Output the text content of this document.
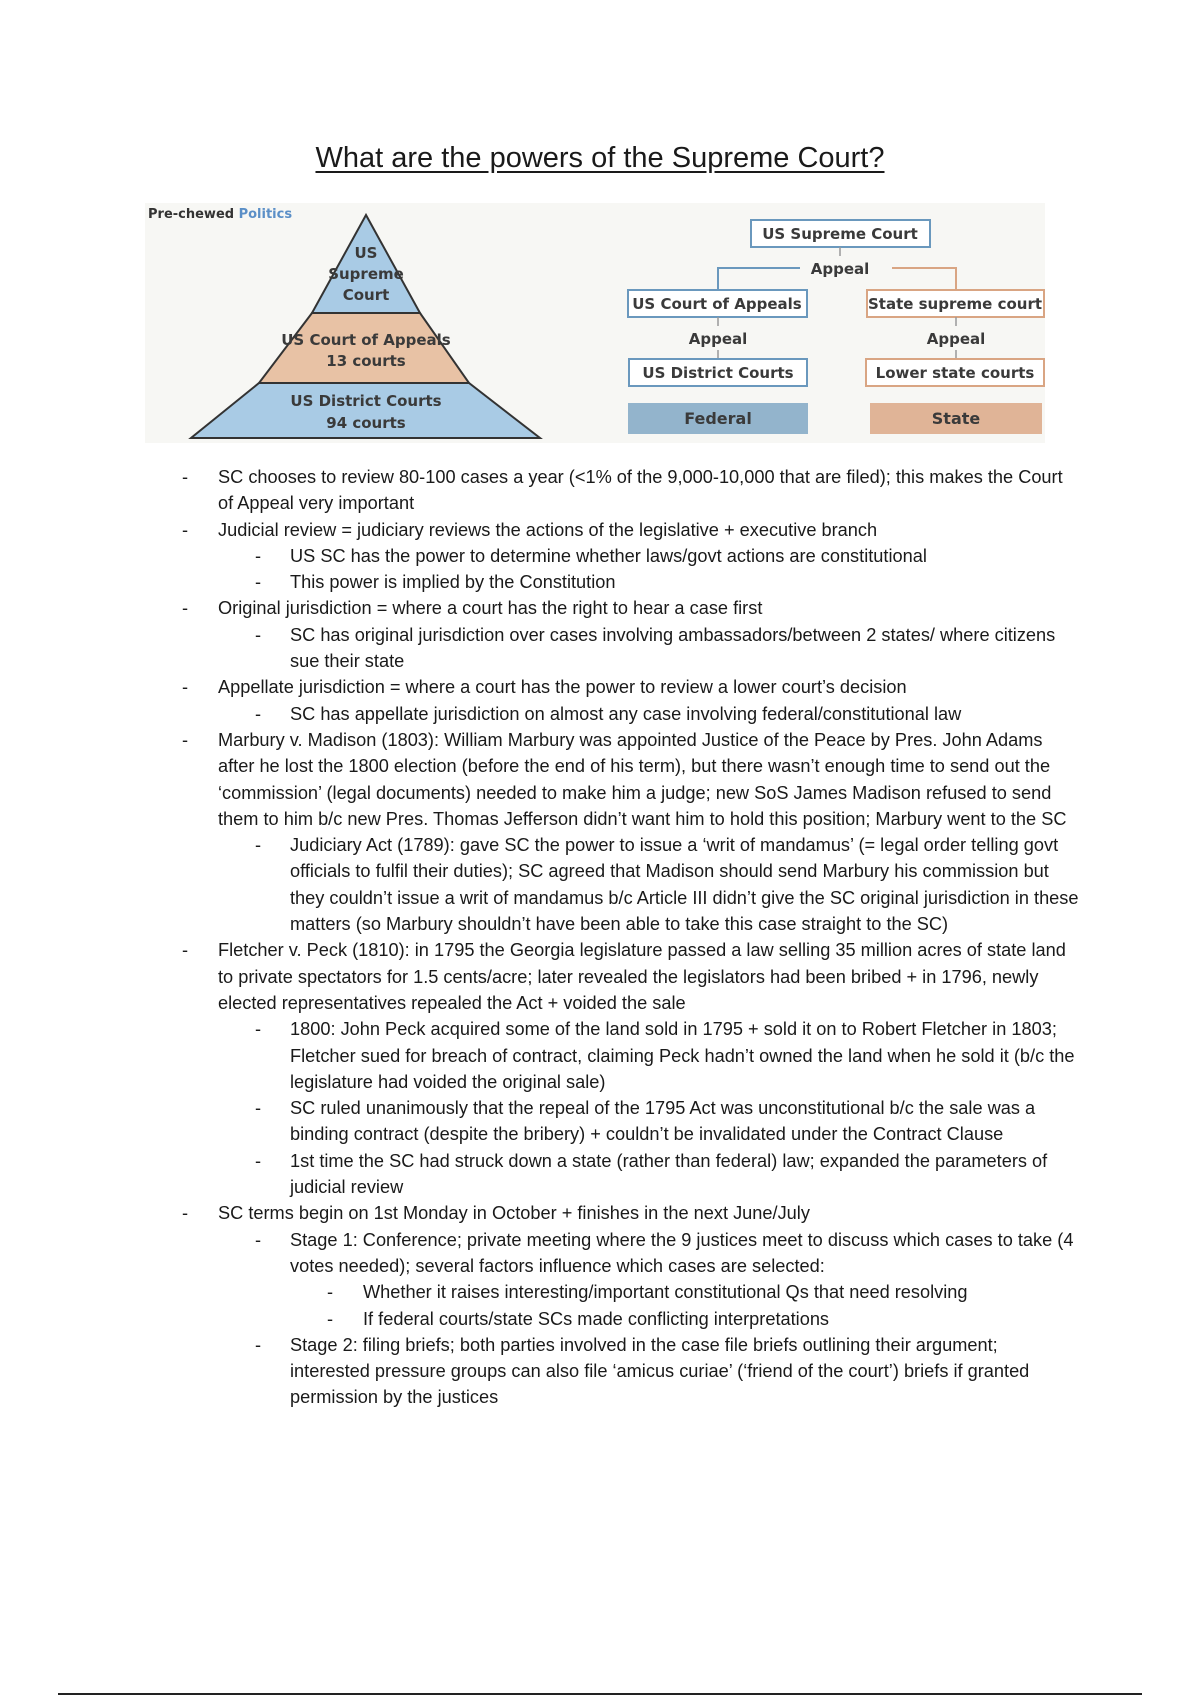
What are the powers of the Supreme Court?
Pre-chewed Politics
US
Supreme
Court
US Court of Appeals
13 courts
US District Courts
94 courts
US Supreme Court
Appeal
US Court of Appeals	State supreme court
Appeal	Appeal
US District Courts	Lower state courts
Federal	State
- SC chooses to review 80-100 cases a year (<1% of the 9,000-10,000 that are filed); this makes the Court of Appeal very important
- Judicial review = judiciary reviews the actions of the legislative + executive branch
- US SC has the power to determine whether laws/govt actions are constitutional
- This power is implied by the Constitution
- Original jurisdiction = where a court has the right to hear a case first
- SC has original jurisdiction over cases involving ambassadors/between 2 states/ where citizens sue their state
- Appellate jurisdiction = where a court has the power to review a lower court’s decision
- SC has appellate jurisdiction on almost any case involving federal/constitutional law
- Marbury v. Madison (1803): William Marbury was appointed Justice of the Peace by Pres. John Adams after he lost the 1800 election (before the end of his term), but there wasn’t enough time to send out the ‘commission’ (legal documents) needed to make him a judge; new SoS James Madison refused to send them to him b/c new Pres. Thomas Jefferson didn’t want him to hold this position; Marbury went to the SC
- Judiciary Act (1789): gave SC the power to issue a ‘writ of mandamus’ (= legal order telling govt officials to fulfil their duties); SC agreed that Madison should send Marbury his commission but they couldn’t issue a writ of mandamus b/c Article III didn’t give the SC original jurisdiction in these matters (so Marbury shouldn’t have been able to take this case straight to the SC)
- Fletcher v. Peck (1810): in 1795 the Georgia legislature passed a law selling 35 million acres of state land to private spectators for 1.5 cents/acre; later revealed the legislators had been bribed + in 1796, newly elected representatives repealed the Act + voided the sale
- 1800: John Peck acquired some of the land sold in 1795 + sold it on to Robert Fletcher in 1803; Fletcher sued for breach of contract, claiming Peck hadn’t owned the land when he sold it (b/c the legislature had voided the original sale)
- SC ruled unanimously that the repeal of the 1795 Act was unconstitutional b/c the sale was a binding contract (despite the bribery) + couldn’t be invalidated under the Contract Clause
- 1st time the SC had struck down a state (rather than federal) law; expanded the parameters of judicial review
- SC terms begin on 1st Monday in October + finishes in the next June/July
- Stage 1: Conference; private meeting where the 9 justices meet to discuss which cases to take (4 votes needed); several factors influence which cases are selected:
- Whether it raises interesting/important constitutional Qs that need resolving
- If federal courts/state SCs made conflicting interpretations
- Stage 2: filing briefs; both parties involved in the case file briefs outlining their argument; interested pressure groups can also file ‘amicus curiae’ (‘friend of the court’) briefs if granted permission by the justices
